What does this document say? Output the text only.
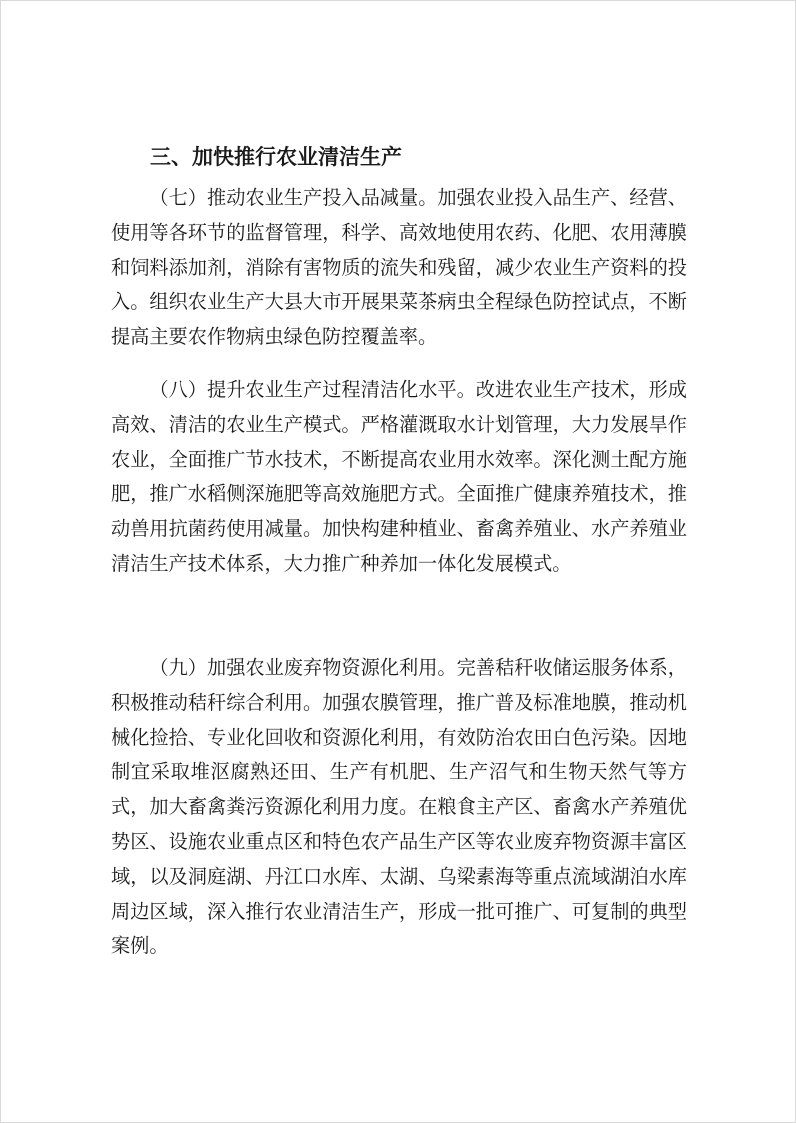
三、加快推行农业清洁生产

（七）推动农业生产投入品减量。加强农业投入品生产、经营、使用等各环节的监督管理，科学、高效地使用农药、化肥、农用薄膜和饲料添加剂，消除有害物质的流失和残留，减少农业生产资料的投入。组织农业生产大县大市开展果菜茶病虫全程绿色防控试点，不断提高主要农作物病虫绿色防控覆盖率。

（八）提升农业生产过程清洁化水平。改进农业生产技术，形成高效、清洁的农业生产模式。严格灌溉取水计划管理，大力发展旱作农业，全面推广节水技术，不断提高农业用水效率。深化测土配方施肥，推广水稻侧深施肥等高效施肥方式。全面推广健康养殖技术，推动兽用抗菌药使用减量。加快构建种植业、畜禽养殖业、水产养殖业清洁生产技术体系，大力推广种养加一体化发展模式。

（九）加强农业废弃物资源化利用。完善秸秆收储运服务体系，积极推动秸秆综合利用。加强农膜管理，推广普及标准地膜，推动机械化捡拾、专业化回收和资源化利用，有效防治农田白色污染。因地制宜采取堆沤腐熟还田、生产有机肥、生产沼气和生物天然气等方式，加大畜禽粪污资源化利用力度。在粮食主产区、畜禽水产养殖优势区、设施农业重点区和特色农产品生产区等农业废弃物资源丰富区域，以及洞庭湖、丹江口水库、太湖、乌梁素海等重点流域湖泊水库周边区域，深入推行农业清洁生产，形成一批可推广、可复制的典型案例。
